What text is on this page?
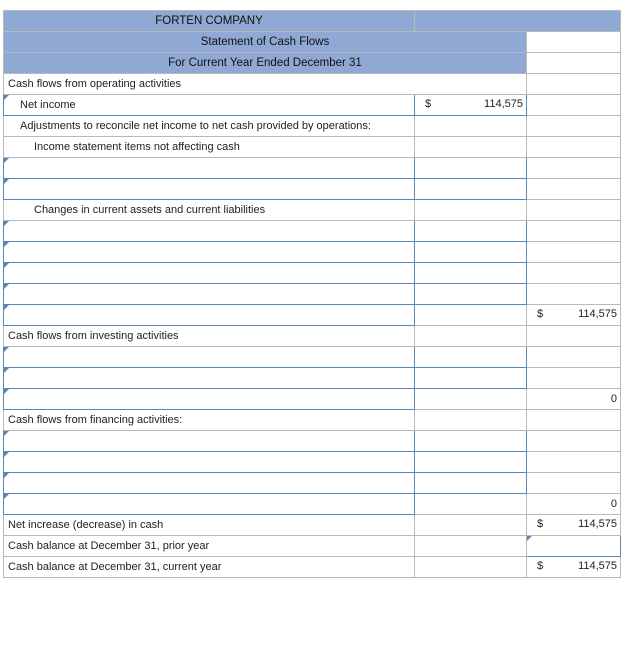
FORTEN COMPANY		
Statement of Cash Flows		
For Current Year Ended December 31		
Cash flows from operating activities		
Net income	$ 114,575	

Adjustments to reconcile net income to net cash provided by operations:		
Income statement items not affecting cash		

Changes in current assets and current liabilities		

		$ 114,575

Cash flows from investing activities		

		0
Cash flows from financing activities:		

		0
Net increase (decrease) in cash		$ 114,575

Cash balance at December 31, prior year		
Cash balance at December 31, current year		$ 114,575
